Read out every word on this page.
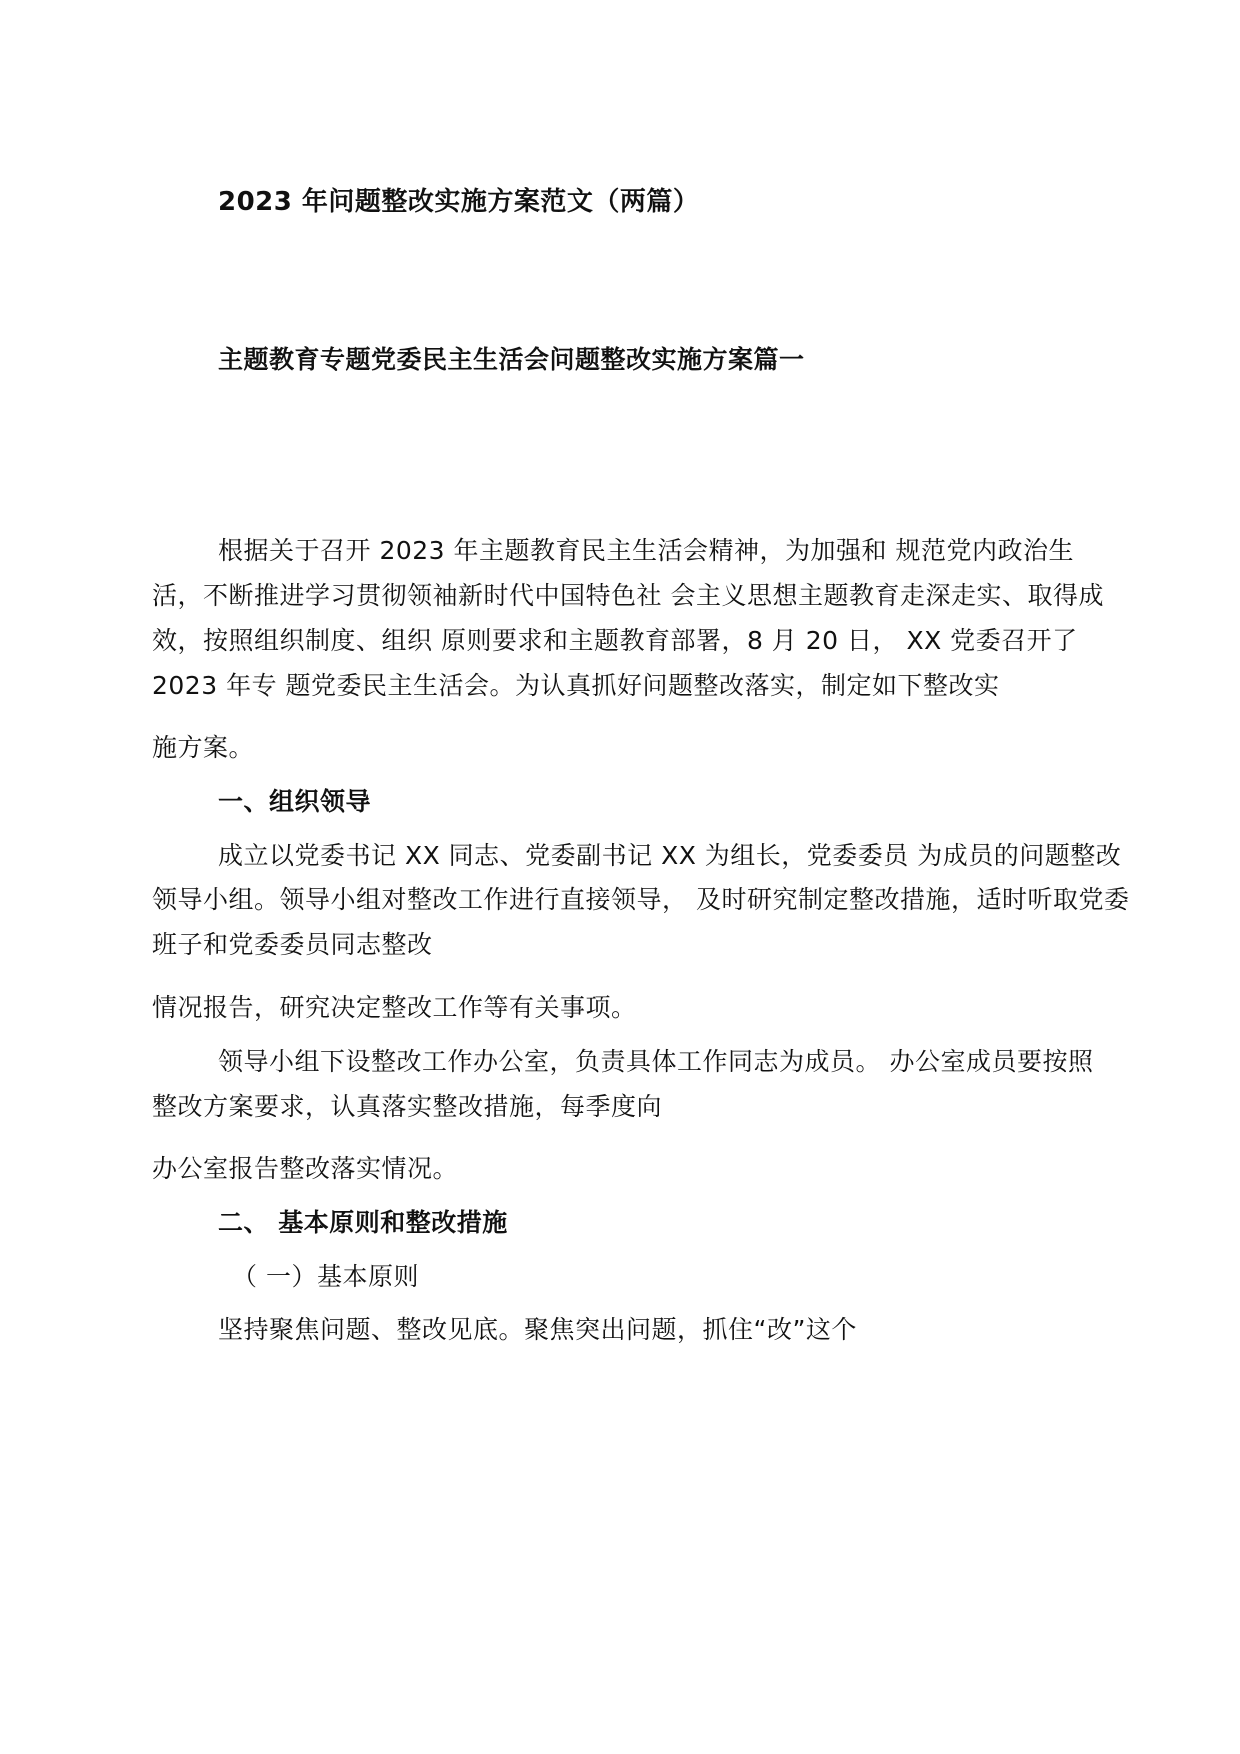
2023 年问题整改实施方案范文（两篇）
主题教育专题党委民主生活会问题整改实施方案篇一
根据关于召开 2023 年主题教育民主生活会精神，为加强和 规范党内政治生
活，不断推进学习贯彻领袖新时代中国特色社 会主义思想主题教育走深走实、取得成
效，按照组织制度、组织 原则要求和主题教育部署，8 月 20 日， XX 党委召开了
2023 年专 题党委民主生活会。为认真抓好问题整改落实，制定如下整改实
施方案。
一、组织领导
成立以党委书记 XX 同志、党委副书记 XX 为组长，党委委员 为成员的问题整改
领导小组。领导小组对整改工作进行直接领导， 及时研究制定整改措施，适时听取党委
班子和党委委员同志整改
情况报告，研究决定整改工作等有关事项。
领导小组下设整改工作办公室，负责具体工作同志为成员。 办公室成员要按照
整改方案要求，认真落实整改措施，每季度向
办公室报告整改落实情况。
二、 基本原则和整改措施
（ 一）基本原则
坚持聚焦问题、整改见底。聚焦突出问题，抓住“改”这个
